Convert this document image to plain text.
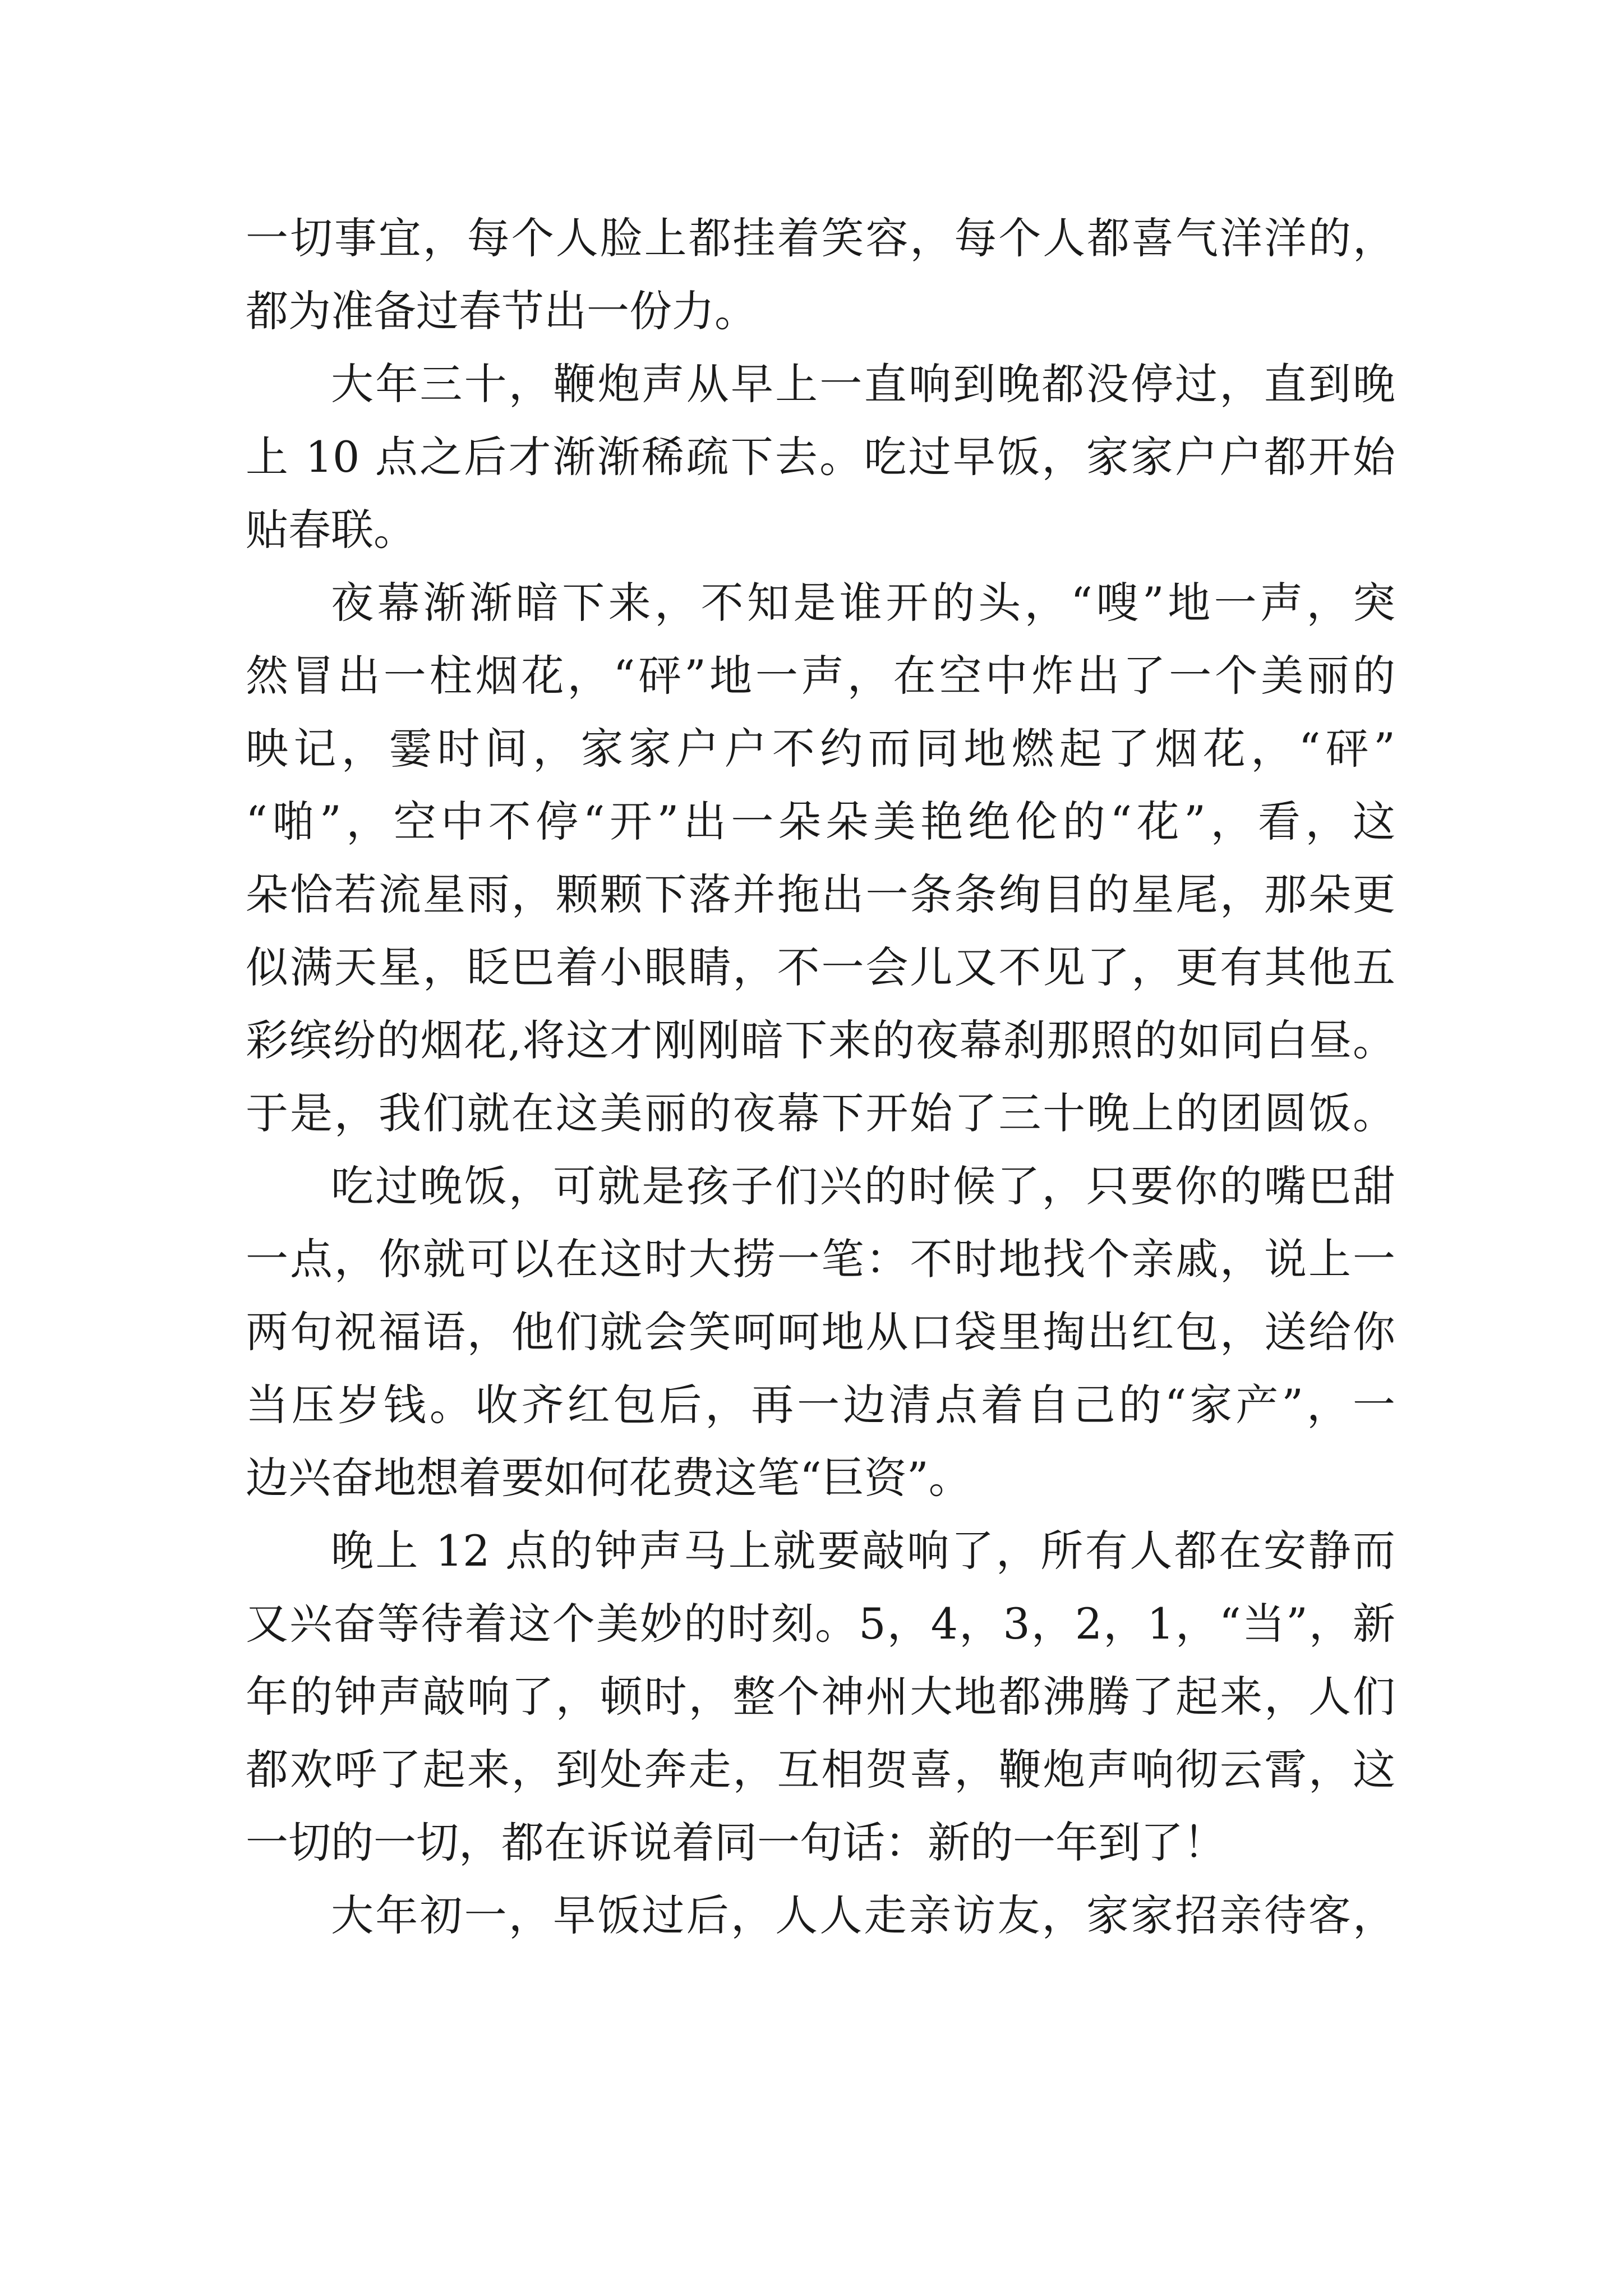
一切事宜，每个人脸上都挂着笑容，每个人都喜气洋洋的，
都为准备过春节出一份力。
大年三十，鞭炮声从早上一直响到晚都没停过，直到晚
上 10 点之后才渐渐稀疏下去。吃过早饭，家家户户都开始
贴春联。
夜幕渐渐暗下来，不知是谁开的头，“嗖”地一声，突
然冒出一柱烟花，“砰”地一声，在空中炸出了一个美丽的
映记，霎时间，家家户户不约而同地燃起了烟花，“砰”
“啪”，空中不停“开”出一朵朵美艳绝伦的“花”，看，这
朵恰若流星雨，颗颗下落并拖出一条条绚目的星尾，那朵更
似满天星，眨巴着小眼睛，不一会儿又不见了，更有其他五
彩缤纷的烟花,将这才刚刚暗下来的夜幕刹那照的如同白昼。
于是，我们就在这美丽的夜幕下开始了三十晚上的团圆饭。
吃过晚饭，可就是孩子们兴的时候了，只要你的嘴巴甜
一点，你就可以在这时大捞一笔：不时地找个亲戚，说上一
两句祝福语，他们就会笑呵呵地从口袋里掏出红包，送给你
当压岁钱。收齐红包后，再一边清点着自己的“家产”，一
边兴奋地想着要如何花费这笔“巨资”。
晚上 12 点的钟声马上就要敲响了，所有人都在安静而
又兴奋等待着这个美妙的时刻。5，4，3，2，1，“当”，新
年的钟声敲响了，顿时，整个神州大地都沸腾了起来，人们
都欢呼了起来，到处奔走，互相贺喜，鞭炮声响彻云霄，这
一切的一切，都在诉说着同一句话：新的一年到了！
大年初一，早饭过后，人人走亲访友，家家招亲待客，
